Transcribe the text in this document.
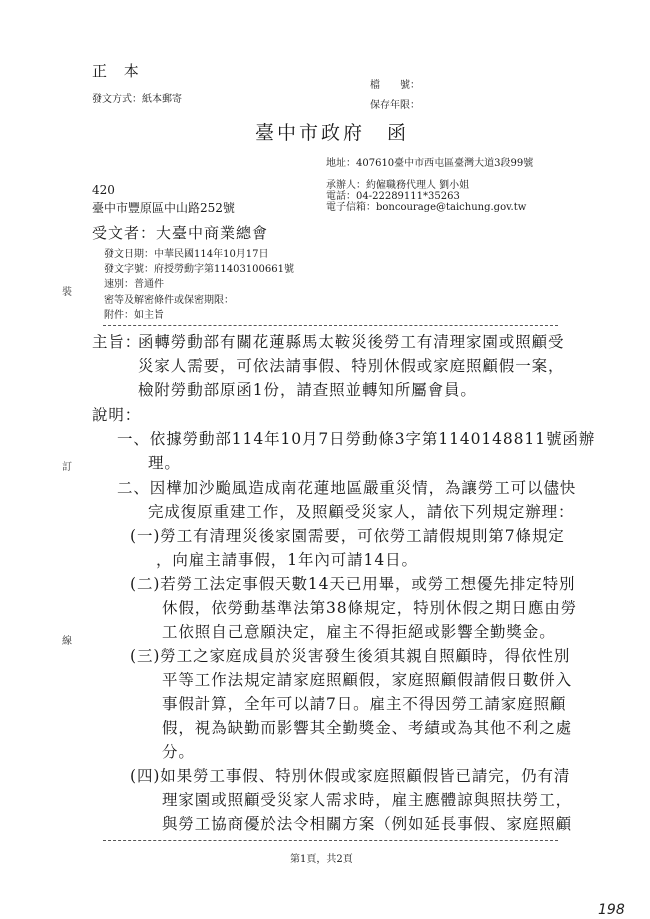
正 本
發文方式：紙本郵寄
檔　　號：
保存年限：
臺中市政府　函
地址：407610臺中市西屯區臺灣大道3段99號
承辦人：約僱職務代理人 劉小姐
電話：04-22289111*35263
電子信箱：boncourage@taichung.gov.tw
420
臺中市豐原區中山路252號
受文者：大臺中商業總會
發文日期：中華民國114年10月17日
發文字號：府授勞動字第11403100661號
速別：普通件
密等及解密條件或保密期限：
附件：如主旨
裝
訂
線
主旨：
函轉勞動部有關花蓮縣馬太鞍災後勞工有清理家園或照顧受
災家人需要，可依法請事假、特別休假或家庭照顧假一案，
檢附勞動部原函1份，請查照並轉知所屬會員。
說明：
一、依據勞動部114年10月7日勞動條3字第1140148811號函辦
理。
二、因樺加沙颱風造成南花蓮地區嚴重災情，為讓勞工可以儘快
完成復原重建工作，及照顧受災家人，請依下列規定辦理：
(一)勞工有清理災後家園需要，可依勞工請假規則第7條規定
，向雇主請事假，1年內可請14日。
(二)若勞工法定事假天數14天已用畢，或勞工想優先排定特別
休假，依勞動基準法第38條規定，特別休假之期日應由勞
工依照自己意願決定，雇主不得拒絕或影響全勤獎金。
(三)勞工之家庭成員於災害發生後須其親自照顧時，得依性別
平等工作法規定請家庭照顧假，家庭照顧假請假日數併入
事假計算，全年可以請7日。雇主不得因勞工請家庭照顧
假，視為缺勤而影響其全勤獎金、考績或為其他不利之處
分。
(四)如果勞工事假、特別休假或家庭照顧假皆已請完，仍有清
理家園或照顧受災家人需求時，雇主應體諒與照扶勞工，
與勞工協商優於法令相關方案（例如延長事假、家庭照顧
第1頁，共2頁
198
